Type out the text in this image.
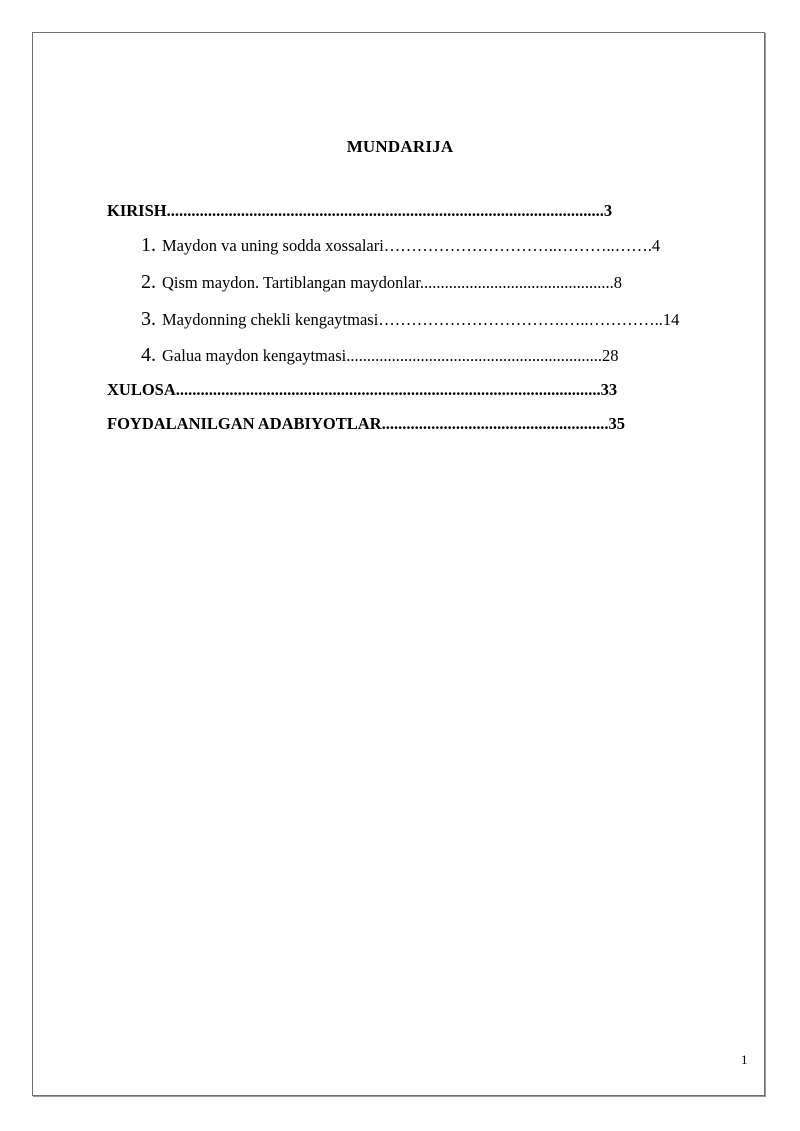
MUNDARIJA
KIRISH..........................................................................................................3
1. Maydon va uning sodda xossalari…………………………..………..…….4
2. Qism maydon. Tartiblangan maydonlar...............................................8
3. Maydonning chekli kengaytmasi…………………………….…..…………..14
4. Galua maydon kengaytmasi..............................................................28
XULOSA.......................................................................................................33
FOYDALANILGAN ADABIYOTLAR.......................................................35
1
